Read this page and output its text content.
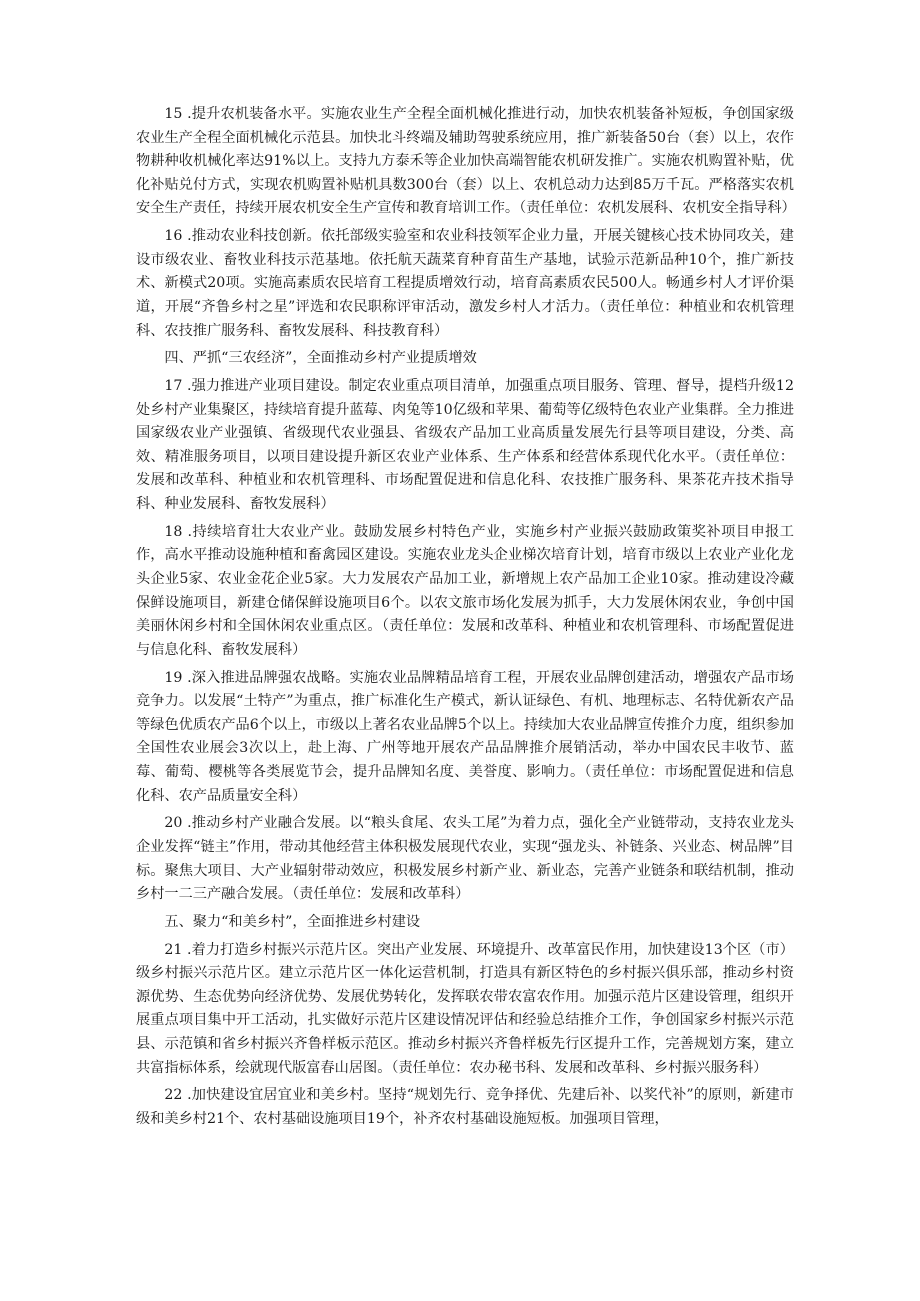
15 .提升农机装备水平。实施农业生产全程全面机械化推进行动，加快农机装备补短板，争创国家级农业生产全程全面机械化示范县。加快北斗终端及辅助驾驶系统应用，推广新装备50台（套）以上，农作物耕种收机械化率达91%以上。支持九方泰禾等企业加快高端智能农机研发推广。实施农机购置补贴，优化补贴兑付方式，实现农机购置补贴机具数300台（套）以上、农机总动力达到85万千瓦。严格落实农机安全生产责任，持续开展农机安全生产宣传和教育培训工作。（责任单位：农机发展科、农机安全指导科）

16 .推动农业科技创新。依托部级实验室和农业科技领军企业力量，开展关键核心技术协同攻关，建设市级农业、畜牧业科技示范基地。依托航天蔬菜育种育苗生产基地，试验示范新品种10个，推广新技术、新模式20项。实施高素质农民培育工程提质增效行动，培育高素质农民500人。畅通乡村人才评价渠道，开展“齐鲁乡村之星”评选和农民职称评审活动，激发乡村人才活力。（责任单位：种植业和农机管理科、农技推广服务科、畜牧发展科、科技教育科）

四、严抓“三农经济”，全面推动乡村产业提质增效

17 .强力推进产业项目建设。制定农业重点项目清单，加强重点项目服务、管理、督导，提档升级12处乡村产业集聚区，持续培育提升蓝莓、肉兔等10亿级和苹果、葡萄等亿级特色农业产业集群。全力推进国家级农业产业强镇、省级现代农业强县、省级农产品加工业高质量发展先行县等项目建设，分类、高效、精准服务项目，以项目建设提升新区农业产业体系、生产体系和经营体系现代化水平。（责任单位：发展和改革科、种植业和农机管理科、市场配置促进和信息化科、农技推广服务科、果茶花卉技术指导科、种业发展科、畜牧发展科）

18 .持续培育壮大农业产业。鼓励发展乡村特色产业，实施乡村产业振兴鼓励政策奖补项目申报工作，高水平推动设施种植和畜禽园区建设。实施农业龙头企业梯次培育计划，培育市级以上农业产业化龙头企业5家、农业金花企业5家。大力发展农产品加工业，新增规上农产品加工企业10家。推动建设冷藏保鲜设施项目，新建仓储保鲜设施项目6个。以农文旅市场化发展为抓手，大力发展休闲农业，争创中国美丽休闲乡村和全国休闲农业重点区。（责任单位：发展和改革科、种植业和农机管理科、市场配置促进与信息化科、畜牧发展科）

19 .深入推进品牌强农战略。实施农业品牌精品培育工程，开展农业品牌创建活动，增强农产品市场竞争力。以发展“土特产”为重点，推广标准化生产模式，新认证绿色、有机、地理标志、名特优新农产品等绿色优质农产品6个以上，市级以上著名农业品牌5个以上。持续加大农业品牌宣传推介力度，组织参加全国性农业展会3次以上，赴上海、广州等地开展农产品品牌推介展销活动，举办中国农民丰收节、蓝莓、葡萄、樱桃等各类展览节会，提升品牌知名度、美誉度、影响力。（责任单位：市场配置促进和信息化科、农产品质量安全科）

20 .推动乡村产业融合发展。以“粮头食尾、农头工尾”为着力点，强化全产业链带动，支持农业龙头企业发挥“链主”作用，带动其他经营主体积极发展现代农业，实现“强龙头、补链条、兴业态、树品牌”目标。聚焦大项目、大产业辐射带动效应，积极发展乡村新产业、新业态，完善产业链条和联结机制，推动乡村一二三产融合发展。（责任单位：发展和改革科）

五、聚力“和美乡村”，全面推进乡村建设

21 .着力打造乡村振兴示范片区。突出产业发展、环境提升、改革富民作用，加快建设13个区（市）级乡村振兴示范片区。建立示范片区一体化运营机制，打造具有新区特色的乡村振兴俱乐部，推动乡村资源优势、生态优势向经济优势、发展优势转化，发挥联农带农富农作用。加强示范片区建设管理，组织开展重点项目集中开工活动，扎实做好示范片区建设情况评估和经验总结推介工作，争创国家乡村振兴示范县、示范镇和省乡村振兴齐鲁样板示范区。推动乡村振兴齐鲁样板先行区提升工作，完善规划方案，建立共富指标体系，绘就现代版富春山居图。（责任单位：农办秘书科、发展和改革科、乡村振兴服务科）

22 .加快建设宜居宜业和美乡村。坚持“规划先行、竞争择优、先建后补、以奖代补”的原则，新建市级和美乡村21个、农村基础设施项目19个，补齐农村基础设施短板。加强项目管理，
